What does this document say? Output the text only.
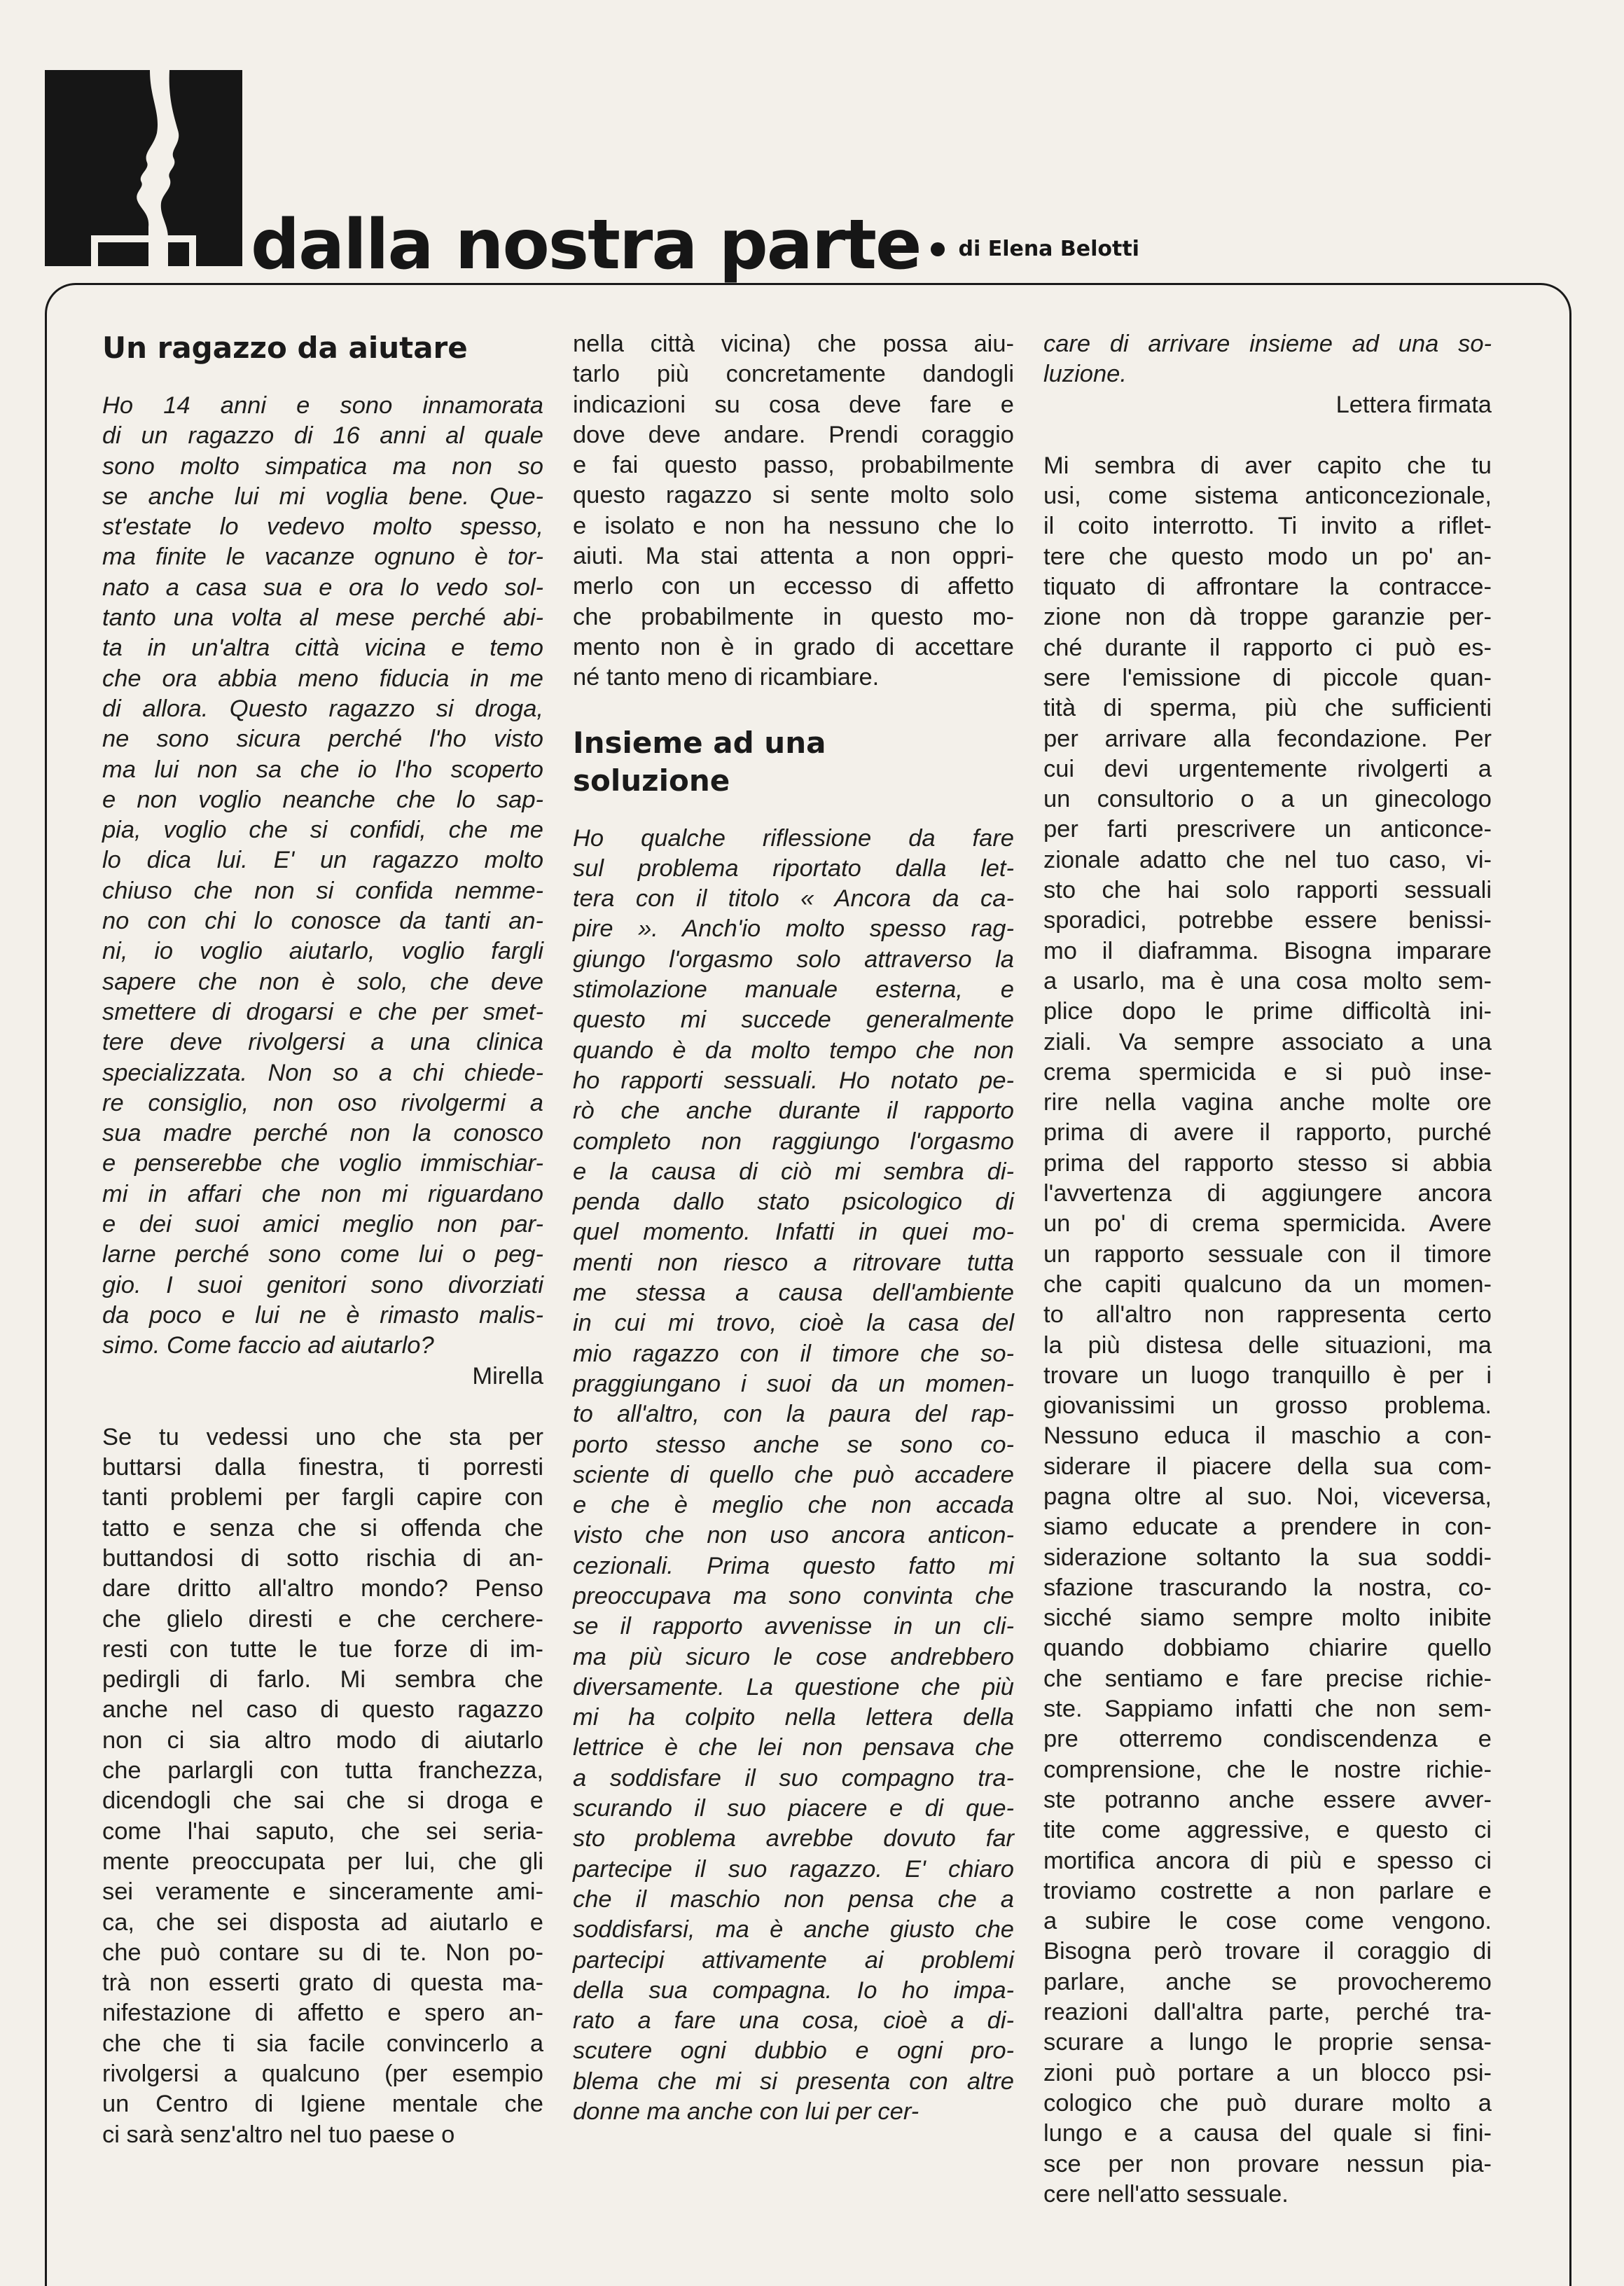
dalla nostra parte di Elena Belotti
Un ragazzo da aiutare
Ho 14 anni e sono innamorata
di un ragazzo di 16 anni al quale
sono molto simpatica ma non so
se anche lui mi voglia bene. Que-
st'estate lo vedevo molto spesso,
ma finite le vacanze ognuno è tor-
nato a casa sua e ora lo vedo sol-
tanto una volta al mese perché abi-
ta in un'altra città vicina e temo
che ora abbia meno fiducia in me
di allora. Questo ragazzo si droga,
ne sono sicura perché l'ho visto
ma lui non sa che io l'ho scoperto
e non voglio neanche che lo sap-
pia, voglio che si confidi, che me
lo dica lui. E' un ragazzo molto
chiuso che non si confida nemme-
no con chi lo conosce da tanti an-
ni, io voglio aiutarlo, voglio fargli
sapere che non è solo, che deve
smettere di drogarsi e che per smet-
tere deve rivolgersi a una clinica
specializzata. Non so a chi chiede-
re consiglio, non oso rivolgermi a
sua madre perché non la conosco
e penserebbe che voglio immischiar-
mi in affari che non mi riguardano
e dei suoi amici meglio non par-
larne perché sono come lui o peg-
gio. I suoi genitori sono divorziati
da poco e lui ne è rimasto malis-
simo. Come faccio ad aiutarlo?
Mirella
Se tu vedessi uno che sta per
buttarsi dalla finestra, ti porresti
tanti problemi per fargli capire con
tatto e senza che si offenda che
buttandosi di sotto rischia di an-
dare dritto all'altro mondo? Penso
che glielo diresti e che cerchere-
resti con tutte le tue forze di im-
pedirgli di farlo. Mi sembra che
anche nel caso di questo ragazzo
non ci sia altro modo di aiutarlo
che parlargli con tutta franchezza,
dicendogli che sai che si droga e
come l'hai saputo, che sei seria-
mente preoccupata per lui, che gli
sei veramente e sinceramente ami-
ca, che sei disposta ad aiutarlo e
che può contare su di te. Non po-
trà non esserti grato di questa ma-
nifestazione di affetto e spero an-
che che ti sia facile convincerlo a
rivolgersi a qualcuno (per esempio
un Centro di Igiene mentale che
ci sarà senz'altro nel tuo paese o
nella città vicina) che possa aiu-
tarlo più concretamente dandogli
indicazioni su cosa deve fare e
dove deve andare. Prendi coraggio
e fai questo passo, probabilmente
questo ragazzo si sente molto solo
e isolato e non ha nessuno che lo
aiuti. Ma stai attenta a non oppri-
merlo con un eccesso di affetto
che probabilmente in questo mo-
mento non è in grado di accettare
né tanto meno di ricambiare.
Insieme ad una
soluzione
Ho qualche riflessione da fare
sul problema riportato dalla let-
tera con il titolo « Ancora da ca-
pire ». Anch'io molto spesso rag-
giungo l'orgasmo solo attraverso la
stimolazione manuale esterna, e
questo mi succede generalmente
quando è da molto tempo che non
ho rapporti sessuali. Ho notato pe-
rò che anche durante il rapporto
completo non raggiungo l'orgasmo
e la causa di ciò mi sembra di-
penda dallo stato psicologico di
quel momento. Infatti in quei mo-
menti non riesco a ritrovare tutta
me stessa a causa dell'ambiente
in cui mi trovo, cioè la casa del
mio ragazzo con il timore che so-
praggiungano i suoi da un momen-
to all'altro, con la paura del rap-
porto stesso anche se sono co-
sciente di quello che può accadere
e che è meglio che non accada
visto che non uso ancora anticon-
cezionali. Prima questo fatto mi
preoccupava ma sono convinta che
se il rapporto avvenisse in un cli-
ma più sicuro le cose andrebbero
diversamente. La questione che più
mi ha colpito nella lettera della
lettrice è che lei non pensava che
a soddisfare il suo compagno tra-
scurando il suo piacere e di que-
sto problema avrebbe dovuto far
partecipe il suo ragazzo. E' chiaro
che il maschio non pensa che a
soddisfarsi, ma è anche giusto che
partecipi attivamente ai problemi
della sua compagna. Io ho impa-
rato a fare una cosa, cioè a di-
scutere ogni dubbio e ogni pro-
blema che mi si presenta con altre
donne ma anche con lui per cer-
care di arrivare insieme ad una so-
luzione.
Lettera firmata
Mi sembra di aver capito che tu
usi, come sistema anticoncezionale,
il coito interrotto. Ti invito a riflet-
tere che questo modo un po' an-
tiquato di affrontare la contracce-
zione non dà troppe garanzie per-
ché durante il rapporto ci può es-
sere l'emissione di piccole quan-
tità di sperma, più che sufficienti
per arrivare alla fecondazione. Per
cui devi urgentemente rivolgerti a
un consultorio o a un ginecologo
per farti prescrivere un anticonce-
zionale adatto che nel tuo caso, vi-
sto che hai solo rapporti sessuali
sporadici, potrebbe essere benissi-
mo il diaframma. Bisogna imparare
a usarlo, ma è una cosa molto sem-
plice dopo le prime difficoltà ini-
ziali. Va sempre associato a una
crema spermicida e si può inse-
rire nella vagina anche molte ore
prima di avere il rapporto, purché
prima del rapporto stesso si abbia
l'avvertenza di aggiungere ancora
un po' di crema spermicida. Avere
un rapporto sessuale con il timore
che capiti qualcuno da un momen-
to all'altro non rappresenta certo
la più distesa delle situazioni, ma
trovare un luogo tranquillo è per i
giovanissimi un grosso problema.
Nessuno educa il maschio a con-
siderare il piacere della sua com-
pagna oltre al suo. Noi, viceversa,
siamo educate a prendere in con-
siderazione soltanto la sua soddi-
sfazione trascurando la nostra, co-
sicché siamo sempre molto inibite
quando dobbiamo chiarire quello
che sentiamo e fare precise richie-
ste. Sappiamo infatti che non sem-
pre otterremo condiscendenza e
comprensione, che le nostre richie-
ste potranno anche essere avver-
tite come aggressive, e questo ci
mortifica ancora di più e spesso ci
troviamo costrette a non parlare e
a subire le cose come vengono.
Bisogna però trovare il coraggio di
parlare, anche se provocheremo
reazioni dall'altra parte, perché tra-
scurare a lungo le proprie sensa-
zioni può portare a un blocco psi-
cologico che può durare molto a
lungo e a causa del quale si fini-
sce per non provare nessun pia-
cere nell'atto sessuale.
